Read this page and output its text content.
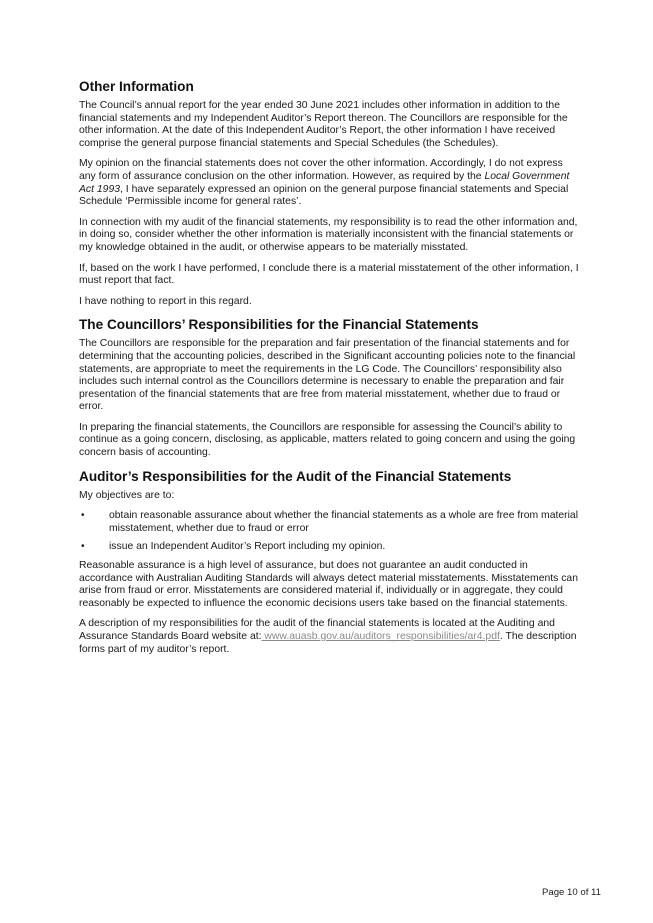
Other Information

The Council’s annual report for the year ended 30 June 2021 includes other information in addition to the financial statements and my Independent Auditor’s Report thereon. The Councillors are responsible for the other information. At the date of this Independent Auditor’s Report, the other information I have received comprise the general purpose financial statements and Special Schedules (the Schedules).

My opinion on the financial statements does not cover the other information. Accordingly, I do not express any form of assurance conclusion on the other information. However, as required by the Local Government Act 1993, I have separately expressed an opinion on the general purpose financial statements and Special Schedule ‘Permissible income for general rates’.

In connection with my audit of the financial statements, my responsibility is to read the other information and, in doing so, consider whether the other information is materially inconsistent with the financial statements or my knowledge obtained in the audit, or otherwise appears to be materially misstated.

If, based on the work I have performed, I conclude there is a material misstatement of the other information, I must report that fact.

I have nothing to report in this regard.

The Councillors’ Responsibilities for the Financial Statements

The Councillors are responsible for the preparation and fair presentation of the financial statements and for determining that the accounting policies, described in the Significant accounting policies note to the financial statements, are appropriate to meet the requirements in the LG Code. The Councillors’ responsibility also includes such internal control as the Councillors determine is necessary to enable the preparation and fair presentation of the financial statements that are free from material misstatement, whether due to fraud or error.

In preparing the financial statements, the Councillors are responsible for assessing the Council’s ability to continue as a going concern, disclosing, as applicable, matters related to going concern and using the going concern basis of accounting.

Auditor’s Responsibilities for the Audit of the Financial Statements

My objectives are to:

• obtain reasonable assurance about whether the financial statements as a whole are free from material misstatement, whether due to fraud or error
• issue an Independent Auditor’s Report including my opinion.

Reasonable assurance is a high level of assurance, but does not guarantee an audit conducted in accordance with Australian Auditing Standards will always detect material misstatements. Misstatements can arise from fraud or error. Misstatements are considered material if, individually or in aggregate, they could reasonably be expected to influence the economic decisions users take based on the financial statements.

A description of my responsibilities for the audit of the financial statements is located at the Auditing and Assurance Standards Board website at: www.auasb.gov.au/auditors_responsibilities/ar4.pdf. The description forms part of my auditor’s report.

Page 10 of 11
